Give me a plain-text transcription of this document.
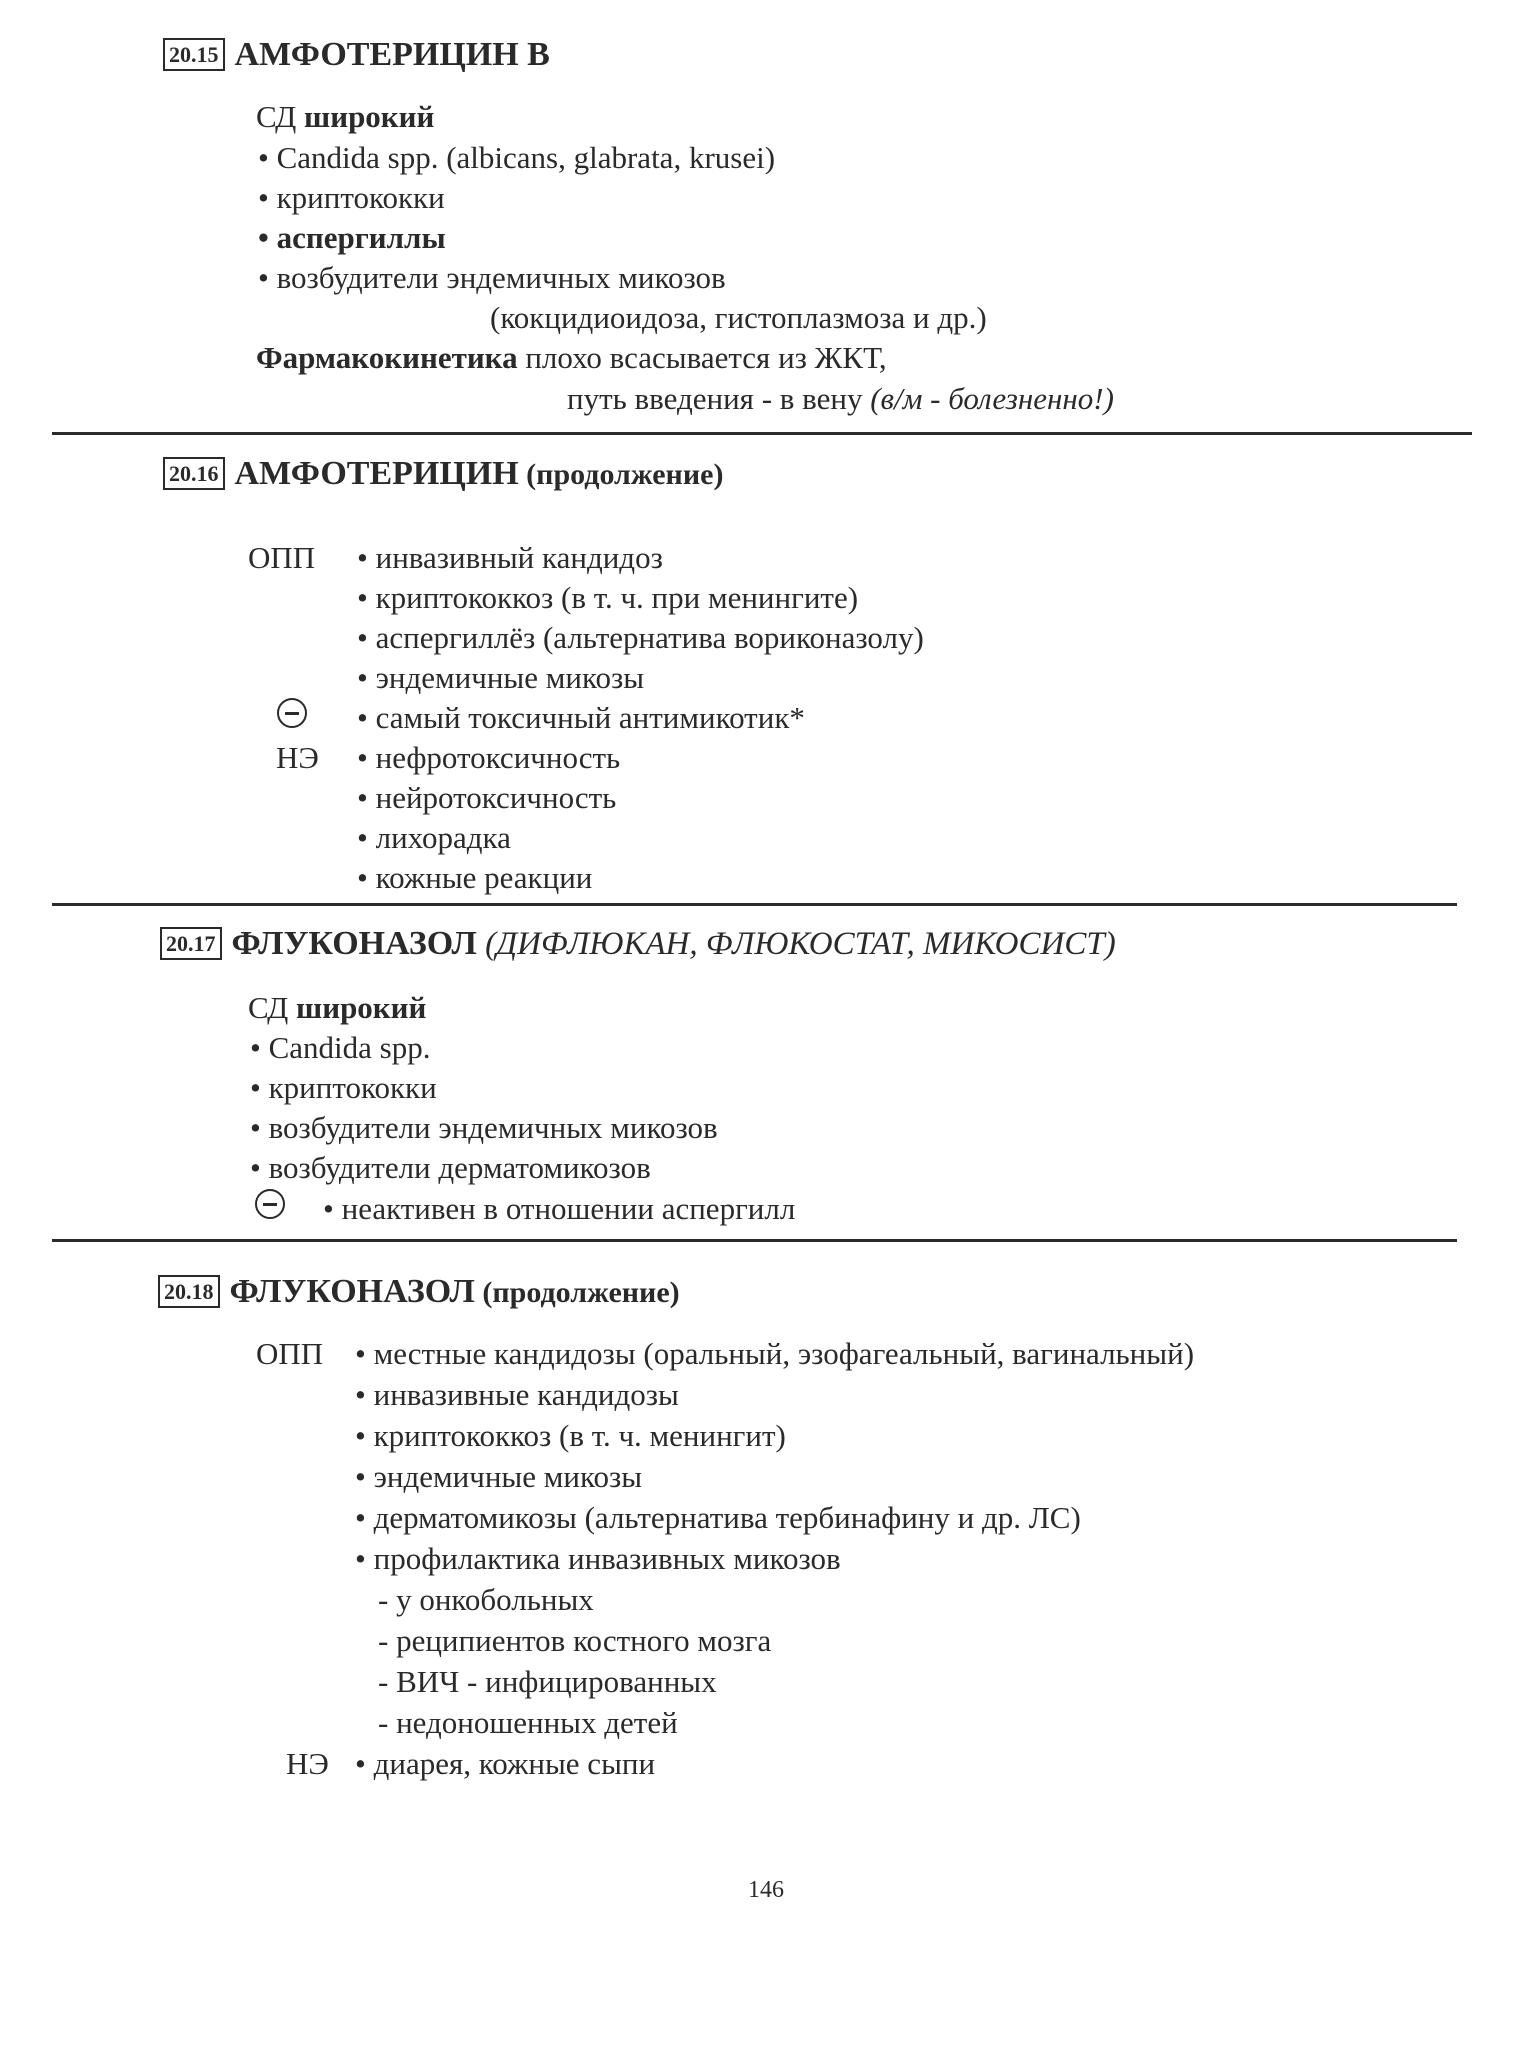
20.15 АМФОТЕРИЦИН В
СД широкий
• Candida spp. (albicans, glabrata, krusei)
• криптококки
• аспергиллы
• возбудители эндемичных микозов
(кокцидиоидоза, гистоплазмоза и др.)
Фармакокинетика плохо всасывается из ЖКТ,
путь введения - в вену (в/м - болезненно!)
20.16 АМФОТЕРИЦИН (продолжение)
ОПП • инвазивный кандидоз
• криптококкоз (в т. ч. при менингите)
• аспергиллёз (альтернатива вориконазолу)
• эндемичные микозы
• самый токсичный антимикотик*
НЭ • нефротоксичность
• нейротоксичность
• лихорадка
• кожные реакции
20.17 ФЛУКОНАЗОЛ (ДИФЛЮКАН, ФЛЮКОСТАТ, МИКОСИСТ)
СД широкий
• Candida spp.
• криптококки
• возбудители эндемичных микозов
• возбудители дерматомикозов
• неактивен в отношении аспергилл
20.18 ФЛУКОНАЗОЛ (продолжение)
ОПП • местные кандидозы (оральный, эзофагеальный, вагинальный)
• инвазивные кандидозы
• криптококкоз (в т. ч. менингит)
• эндемичные микозы
• дерматомикозы (альтернатива тербинафину и др. ЛС)
• профилактика инвазивных микозов
- у онкобольных
- реципиентов костного мозга
- ВИЧ - инфицированных
- недоношенных детей
НЭ • диарея, кожные сыпи
146
